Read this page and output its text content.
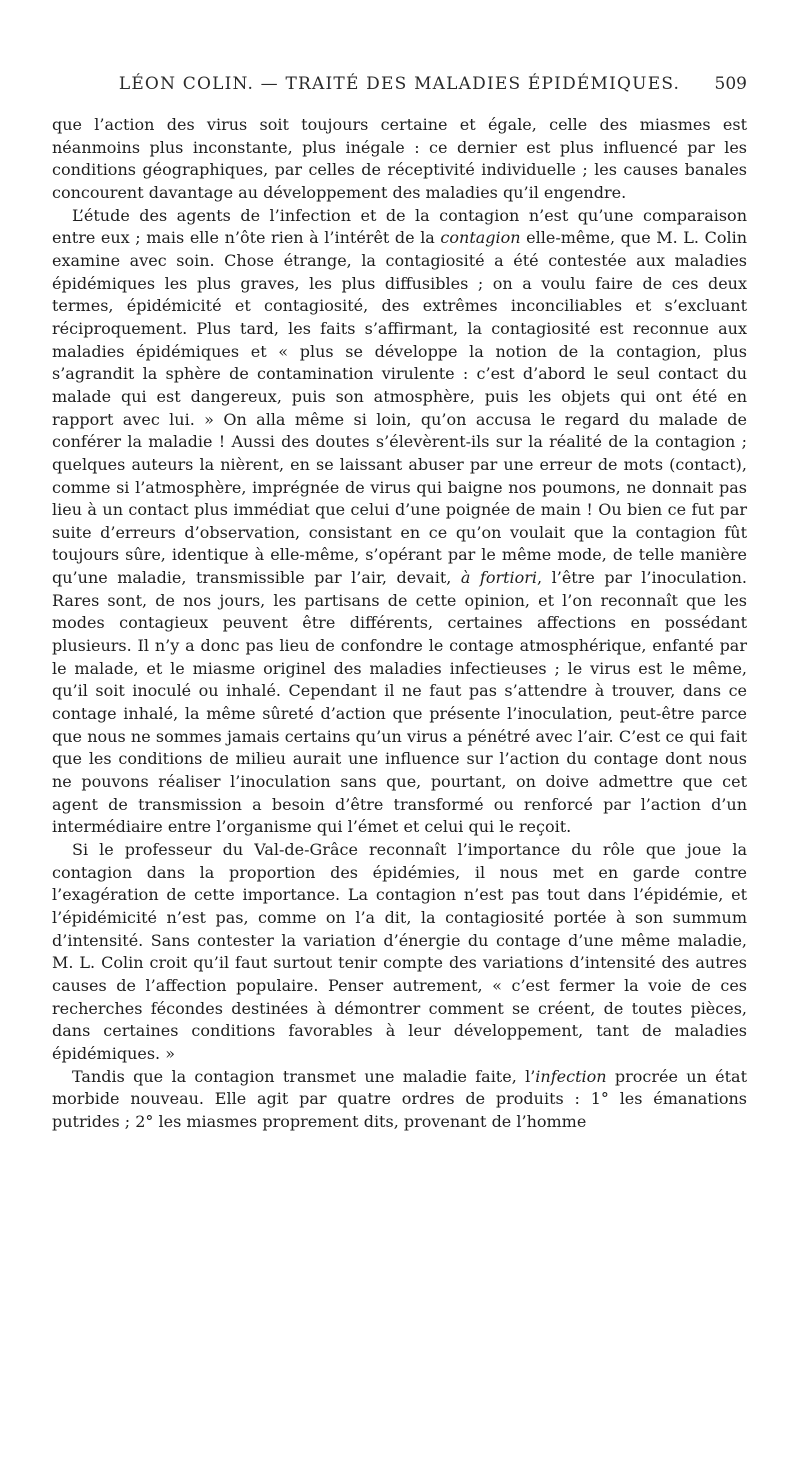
LÉON COLIN. — TRAITÉ DES MALADIES ÉPIDÉMIQUES.	509

que l’action des virus soit toujours certaine et égale, celle des miasmes est néanmoins plus inconstante, plus inégale : ce dernier est plus influencé par les conditions géographiques, par celles de réceptivité individuelle ; les causes banales concourent davantage au développement des maladies qu’il engendre.

L’étude des agents de l’infection et de la contagion n’est qu’une comparaison entre eux ; mais elle n’ôte rien à l’intérêt de la contagion elle-même, que M. L. Colin examine avec soin. Chose étrange, la contagiosité a été contestée aux maladies épidémiques les plus graves, les plus diffusibles ; on a voulu faire de ces deux termes, épidémicité et contagiosité, des extrêmes inconciliables et s’excluant réciproquement. Plus tard, les faits s’affirmant, la contagiosité est reconnue aux maladies épidémiques et « plus se développe la notion de la contagion, plus s’agrandit la sphère de contamination virulente : c’est d’abord le seul contact du malade qui est dangereux, puis son atmosphère, puis les objets qui ont été en rapport avec lui. » On alla même si loin, qu’on accusa le regard du malade de conférer la maladie ! Aussi des doutes s’élevèrent-ils sur la réalité de la contagion ; quelques auteurs la nièrent, en se laissant abuser par une erreur de mots (contact), comme si l’atmosphère, imprégnée de virus qui baigne nos poumons, ne donnait pas lieu à un contact plus immédiat que celui d’une poignée de main ! Ou bien ce fut par suite d’erreurs d’observation, consistant en ce qu’on voulait que la contagion fût toujours sûre, identique à elle-même, s’opérant par le même mode, de telle manière qu’une maladie, transmissible par l’air, devait, à fortiori, l’être par l’inoculation. Rares sont, de nos jours, les partisans de cette opinion, et l’on reconnaît que les modes contagieux peuvent être différents, certaines affections en possédant plusieurs. Il n’y a donc pas lieu de confondre le contage atmosphérique, enfanté par le malade, et le miasme originel des maladies infectieuses ; le virus est le même, qu’il soit inoculé ou inhalé. Cependant il ne faut pas s’attendre à trouver, dans ce contage inhalé, la même sûreté d’action que présente l’inoculation, peut-être parce que nous ne sommes jamais certains qu’un virus a pénétré avec l’air. C’est ce qui fait que les conditions de milieu aurait une influence sur l’action du contage dont nous ne pouvons réaliser l’inoculation sans que, pourtant, on doive admettre que cet agent de transmission a besoin d’être transformé ou renforcé par l’action d’un intermédiaire entre l’organisme qui l’émet et celui qui le reçoit.

Si le professeur du Val-de-Grâce reconnaît l’importance du rôle que joue la contagion dans la proportion des épidémies, il nous met en garde contre l’exagération de cette importance. La contagion n’est pas tout dans l’épidémie, et l’épidémicité n’est pas, comme on l’a dit, la contagiosité portée à son summum d’intensité. Sans contester la variation d’énergie du contage d’une même maladie, M. L. Colin croit qu’il faut surtout tenir compte des variations d’intensité des autres causes de l’affection populaire. Penser autrement, « c’est fermer la voie de ces recherches fécondes destinées à démontrer comment se créent, de toutes pièces, dans certaines conditions favorables à leur développement, tant de maladies épidémiques. »

Tandis que la contagion transmet une maladie faite, l’infection procrée un état morbide nouveau. Elle agit par quatre ordres de produits : 1° les émanations putrides ; 2° les miasmes proprement dits, provenant de l’homme
